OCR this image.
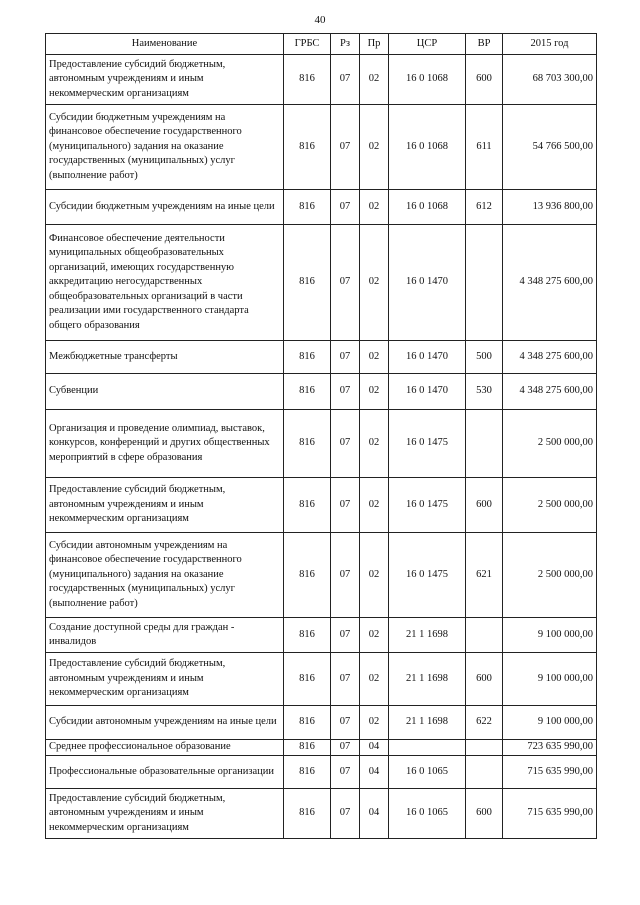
40
Наименование	ГРБС	Рз	Пр	ЦСР	ВР	2015 год
Предоставление субсидий бюджетным, автономным учреждениям и иным некоммерческим организациям	816	07	02	16 0 1068	600	68 703 300,00
Субсидии бюджетным учреждениям на финансовое обеспечение государственного (муниципального) задания на оказание государственных (муниципальных) услуг (выполнение работ)	816	07	02	16 0 1068	611	54 766 500,00
Субсидии бюджетным учреждениям на иные цели	816	07	02	16 0 1068	612	13 936 800,00
Финансовое обеспечение деятельности муниципальных общеобразовательных организаций, имеющих государственную аккредитацию негосударственных общеобразовательных организаций в части реализации ими государственного стандарта общего образования	816	07	02	16 0 1470		4 348 275 600,00
Межбюджетные трансферты	816	07	02	16 0 1470	500	4 348 275 600,00
Субвенции	816	07	02	16 0 1470	530	4 348 275 600,00
Организация и проведение олимпиад, выставок, конкурсов, конференций и других общественных мероприятий в сфере образования	816	07	02	16 0 1475		2 500 000,00
Предоставление субсидий бюджетным, автономным учреждениям и иным некоммерческим организациям	816	07	02	16 0 1475	600	2 500 000,00
Субсидии автономным учреждениям на финансовое обеспечение государственного (муниципального) задания на оказание государственных (муниципальных) услуг (выполнение работ)	816	07	02	16 0 1475	621	2 500 000,00
Создание доступной среды для граждан - инвалидов	816	07	02	21 1 1698		9 100 000,00
Предоставление субсидий бюджетным, автономным учреждениям и иным некоммерческим организациям	816	07	02	21 1 1698	600	9 100 000,00
Субсидии автономным учреждениям на иные цели	816	07	02	21 1 1698	622	9 100 000,00
Среднее профессиональное образование	816	07	04			723 635 990,00
Профессиональные образовательные организации	816	07	04	16 0 1065		715 635 990,00
Предоставление субсидий бюджетным, автономным учреждениям и иным некоммерческим организациям	816	07	04	16 0 1065	600	715 635 990,00
